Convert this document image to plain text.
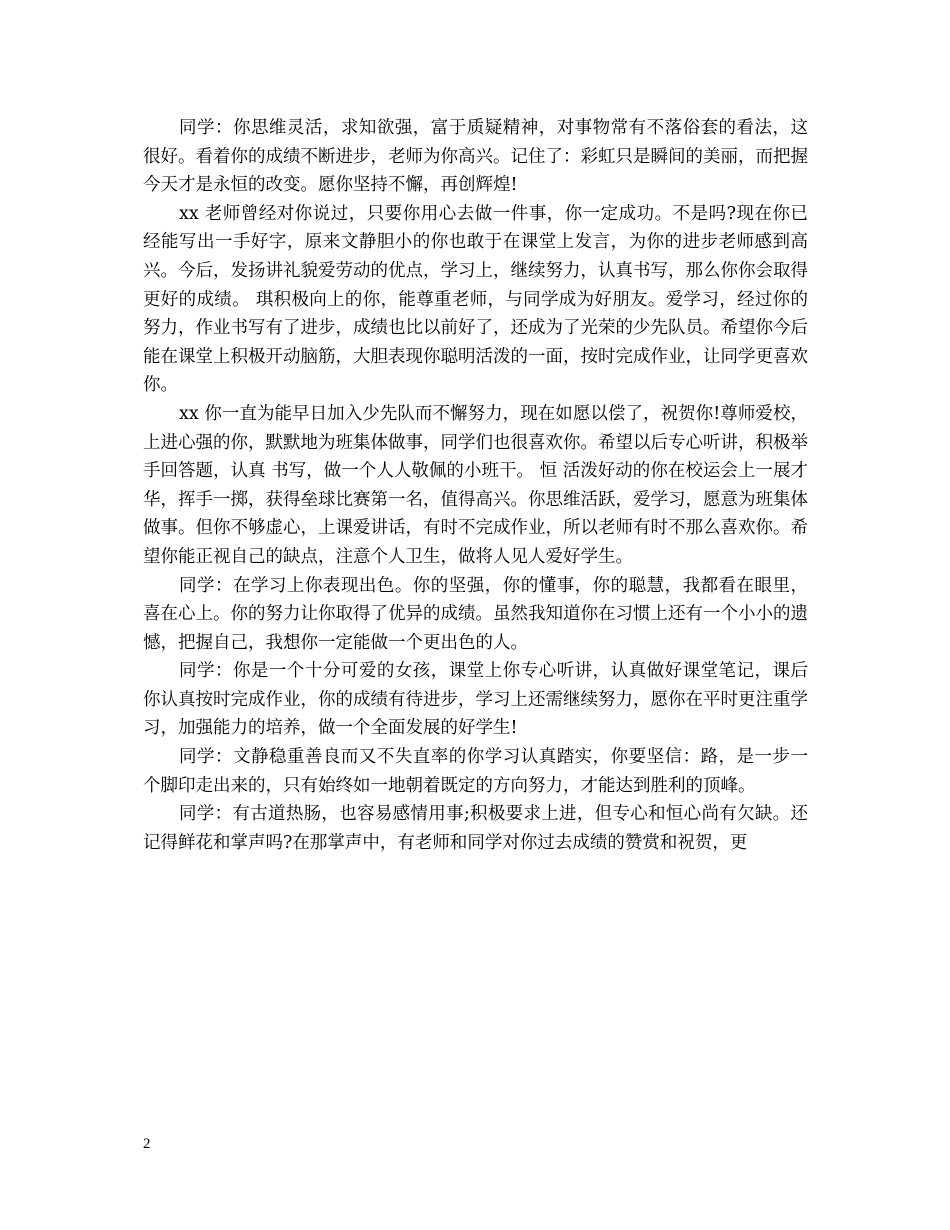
同学：你思维灵活，求知欲强，富于质疑精神，对事物常有不落俗套的看法，这很好。看着你的成绩不断进步，老师为你高兴。记住了：彩虹只是瞬间的美丽，而把握今天才是永恒的改变。愿你坚持不懈，再创辉煌!

xx 老师曾经对你说过，只要你用心去做一件事，你一定成功。不是吗?现在你已经能写出一手好字，原来文静胆小的你也敢于在课堂上发言，为你的进步老师感到高兴。今后，发扬讲礼貌爱劳动的优点，学习上，继续努力，认真书写，那么你你会取得更好的成绩。 琪积极向上的你，能尊重老师，与同学成为好朋友。爱学习，经过你的努力，作业书写有了进步，成绩也比以前好了，还成为了光荣的少先队员。希望你今后能在课堂上积极开动脑筋，大胆表现你聪明活泼的一面，按时完成作业，让同学更喜欢你。

xx 你一直为能早日加入少先队而不懈努力，现在如愿以偿了，祝贺你!尊师爱校，上进心强的你，默默地为班集体做事，同学们也很喜欢你。希望以后专心听讲，积极举手回答题，认真 书写，做一个人人敬佩的小班干。 恒 活泼好动的你在校运会上一展才华，挥手一掷，获得垒球比赛第一名，值得高兴。你思维活跃，爱学习，愿意为班集体做事。但你不够虚心，上课爱讲话，有时不完成作业，所以老师有时不那么喜欢你。希望你能正视自己的缺点，注意个人卫生，做将人见人爱好学生。

同学：在学习上你表现出色。你的坚强，你的懂事，你的聪慧，我都看在眼里，喜在心上。你的努力让你取得了优异的成绩。虽然我知道你在习惯上还有一个小小的遗憾，把握自己，我想你一定能做一个更出色的人。

同学：你是一个十分可爱的女孩，课堂上你专心听讲，认真做好课堂笔记，课后你认真按时完成作业，你的成绩有待进步，学习上还需继续努力，愿你在平时更注重学习，加强能力的培养，做一个全面发展的好学生!

同学：文静稳重善良而又不失直率的你学习认真踏实，你要坚信：路，是一步一个脚印走出来的，只有始终如一地朝着既定的方向努力，才能达到胜利的顶峰。

同学：有古道热肠，也容易感情用事;积极要求上进，但专心和恒心尚有欠缺。还记得鲜花和掌声吗?在那掌声中，有老师和同学对你过去成绩的赞赏和祝贺，更

2
